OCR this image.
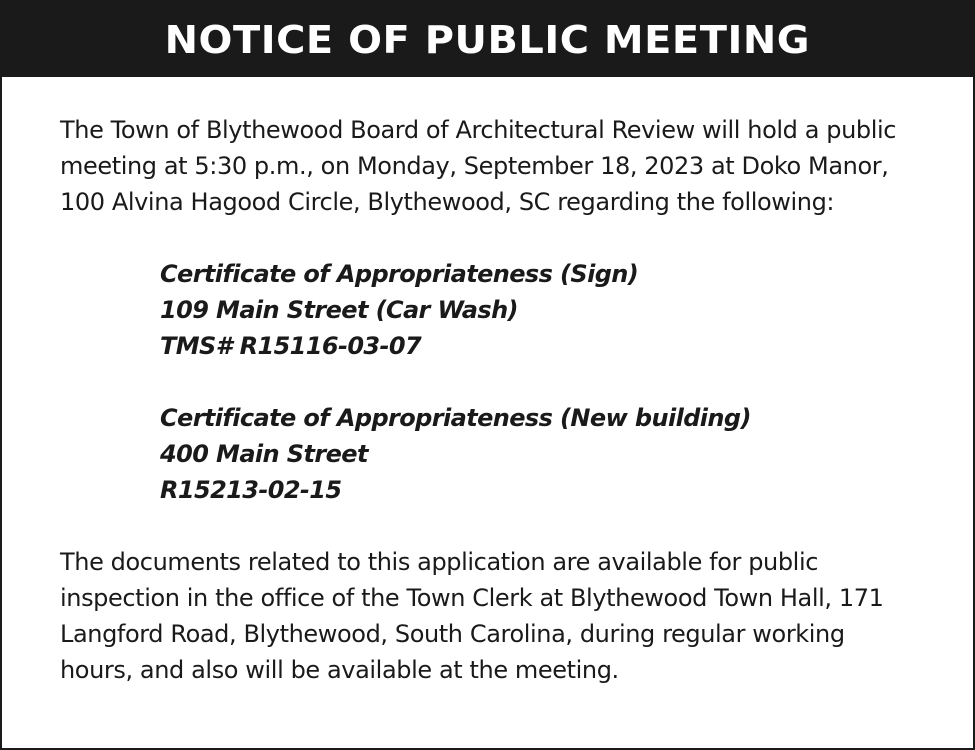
NOTICE OF PUBLIC MEETING
The Town of Blythewood Board of Architectural Review will hold a public
meeting at 5:30 p.m., on Monday, September 18, 2023 at Doko Manor,
100 Alvina Hagood Circle, Blythewood, SC regarding the following:
Certificate of Appropriateness (Sign)
109 Main Street (Car Wash)
TMS# R15116-03-07
Certificate of Appropriateness (New building)
400 Main Street
R15213-02-15
The documents related to this application are available for public
inspection in the office of the Town Clerk at Blythewood Town Hall, 171
Langford Road, Blythewood, South Carolina, during regular working
hours, and also will be available at the meeting.
